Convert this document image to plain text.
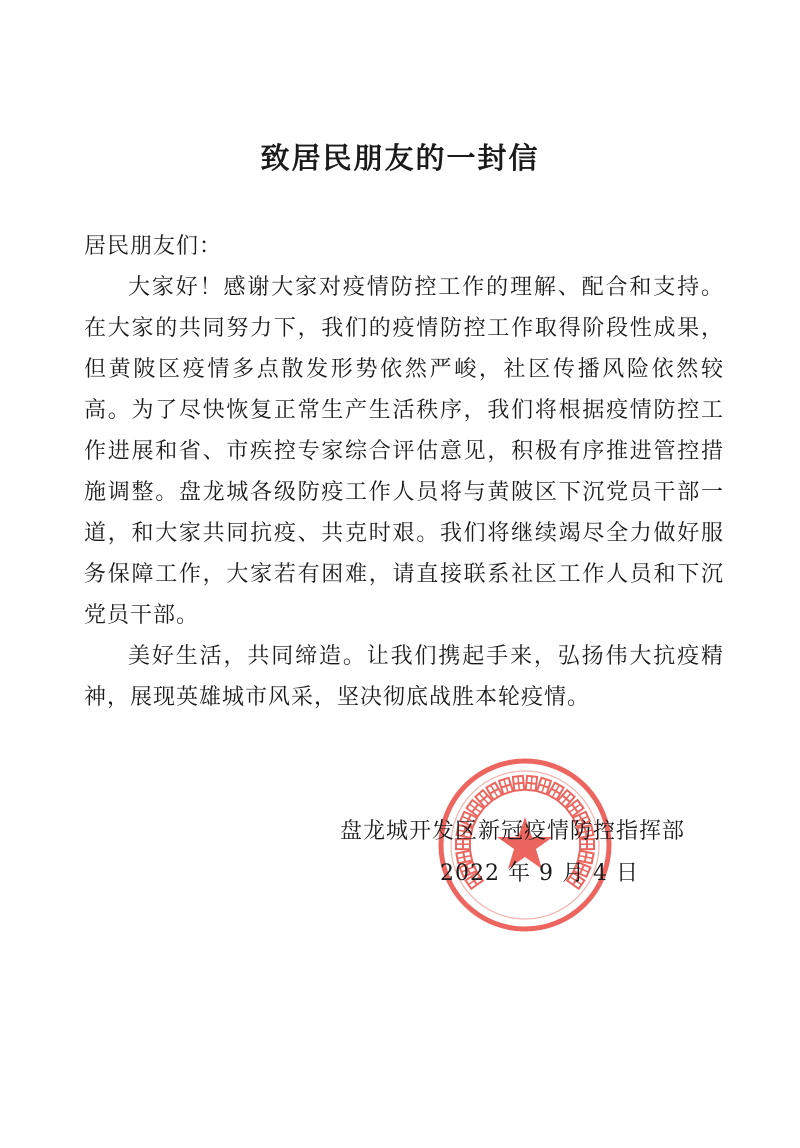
致居民朋友的一封信

居民朋友们：

大家好！感谢大家对疫情防控工作的理解、配合和支持。在大家的共同努力下，我们的疫情防控工作取得阶段性成果，但黄陂区疫情多点散发形势依然严峻，社区传播风险依然较高。为了尽快恢复正常生产生活秩序，我们将根据疫情防控工作进展和省、市疾控专家综合评估意见，积极有序推进管控措施调整。盘龙城各级防疫工作人员将与黄陂区下沉党员干部一道，和大家共同抗疫、共克时艰。我们将继续竭尽全力做好服务保障工作，大家若有困难，请直接联系社区工作人员和下沉党员干部。

美好生活，共同缔造。让我们携起手来，弘扬伟大抗疫精神，展现英雄城市风采，坚决彻底战胜本轮疫情。

盘龙城开发区新冠疫情防控指挥部
2022 年 9 月 4 日
